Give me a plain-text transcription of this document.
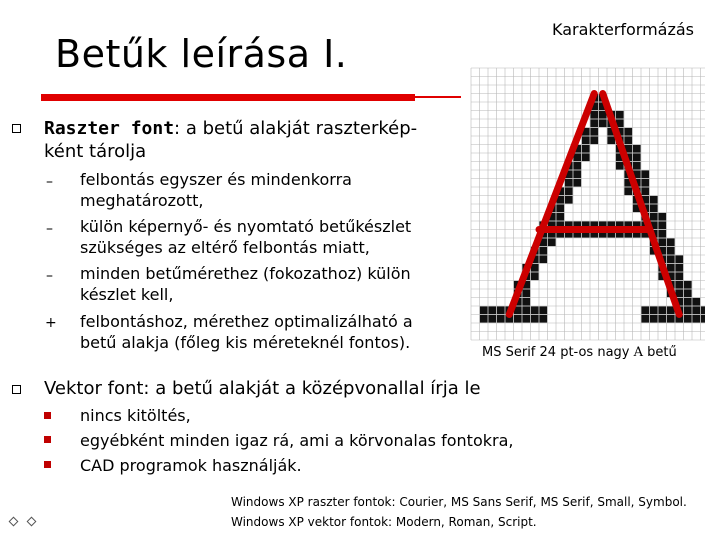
Karakterformázás
Betűk leírása I.
Raszter font: a betű alakját raszterkép-
ként tárolja
– felbontás egyszer és mindenkorra
meghatározott,
– külön képernyő- és nyomtató betűkészlet
szükséges az eltérő felbontás miatt,
– minden betűmérethez (fokozathoz) külön
készlet kell,
+ felbontáshoz, mérethez optimalizálható a
betű alakja (főleg kis méreteknél fontos).
MS Serif 24 pt-os nagy A betű
Vektor font: a betű alakját a középvonallal írja le
nincs kitöltés,
egyébként minden igaz rá, ami a körvonalas fontokra,
CAD programok használják.
Windows XP raszter fontok: Courier, MS Sans Serif, MS Serif, Small, Symbol.
Windows XP vektor fontok: Modern, Roman, Script.
